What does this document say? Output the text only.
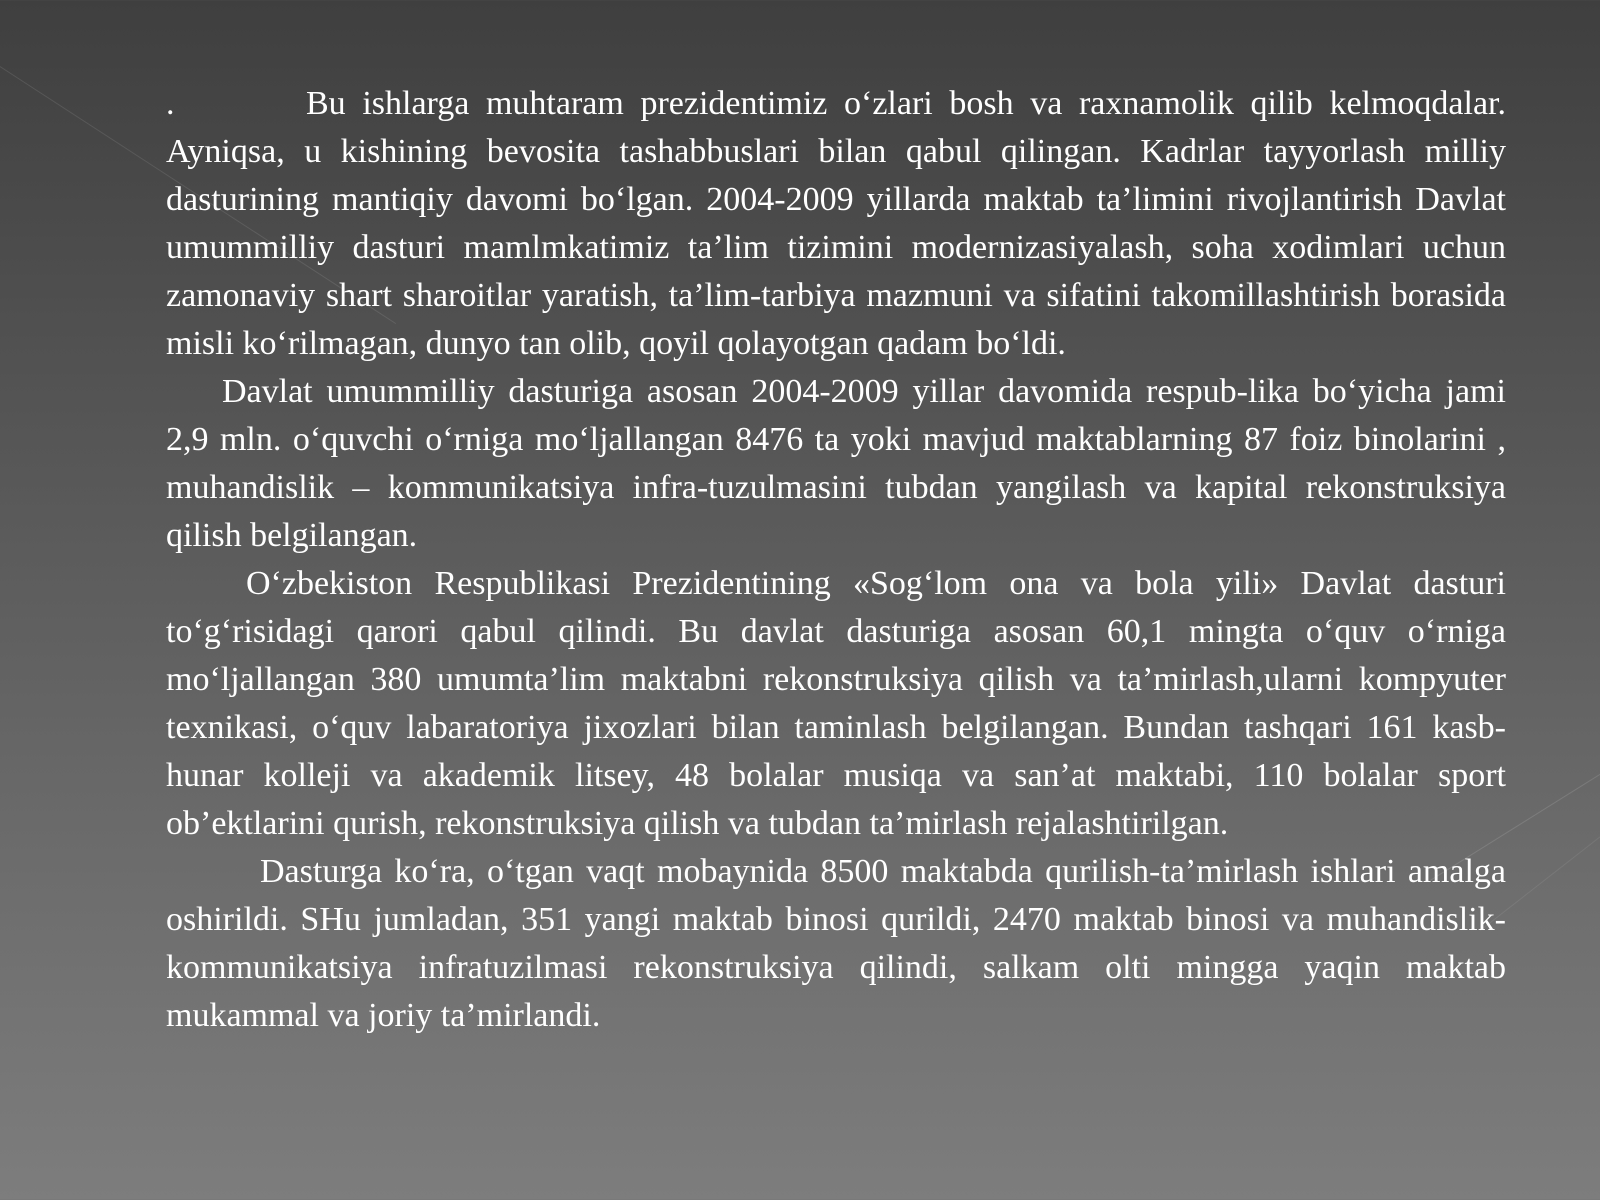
.	Bu ishlarga muhtaram prezidentimiz oʻzlari bosh va raxnamolik qilib kelmoqdalar. Ayniqsa, u kishining bevosita tashabbuslari bilan qabul qilingan. Kadrlar tayyorlash milliy dasturining mantiqiy davomi boʻlgan. 2004-2009 yillarda maktab ta’limini rivojlantirish Davlat umummilliy dasturi mamlmkatimiz ta’lim tizimini modernizasiyalash, soha xodimlari uchun zamonaviy shart sharoitlar yaratish, ta’lim-tarbiya mazmuni va sifatini takomillashtirish borasida misli koʻrilmagan, dunyo tan olib, qoyil qolayotgan qadam boʻldi.

Davlat umummilliy dasturiga asosan 2004-2009 yillar davomida respub-lika boʻyicha jami 2,9 mln. oʻquvchi oʻrniga moʻljallangan 8476 ta yoki mavjud maktablarning 87 foiz binolarini , muhandislik – kommunikatsiya infra-tuzulmasini tubdan yangilash va kapital rekonstruksiya qilish belgilangan.

Oʻzbekiston Respublikasi Prezidentining «Sogʻlom ona va bola yili» Davlat dasturi toʻgʻrisidagi qarori qabul qilindi. Bu davlat dasturiga asosan 60,1 mingta oʻquv oʻrniga moʻljallangan 380 umumta’lim maktabni rekonstruksiya qilish va ta’mirlash,ularni kompyuter texnikasi, oʻquv labaratoriya jixozlari bilan taminlash belgilangan. Bundan tashqari 161 kasb-hunar kolleji va akademik litsey, 48 bolalar musiqa va san’at maktabi, 110 bolalar sport ob’ektlarini qurish, rekonstruksiya qilish va tubdan ta’mirlash rejalashtirilgan.

Dasturga koʻra, oʻtgan vaqt mobaynida 8500 maktabda qurilish-ta’mirlash ishlari amalga oshirildi. SHu jumladan, 351 yangi maktab binosi qurildi, 2470 maktab binosi va muhandislik-kommunikatsiya infratuzilmasi rekonstruksiya qilindi, salkam olti mingga yaqin maktab mukammal va joriy ta’mirlandi.
